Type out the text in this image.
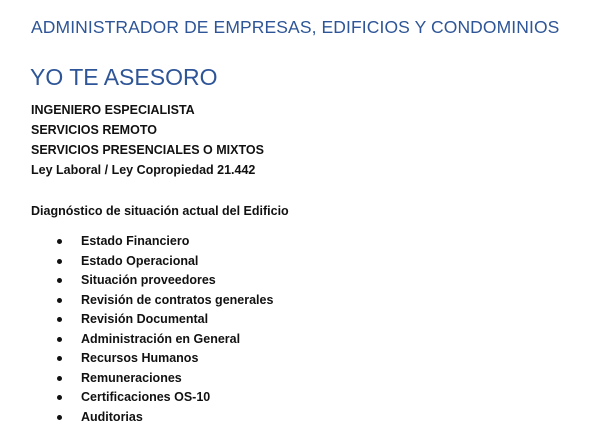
ADMINISTRADOR DE EMPRESAS, EDIFICIOS Y CONDOMINIOS
YO TE ASESORO
INGENIERO ESPECIALISTA
SERVICIOS REMOTO
SERVICIOS PRESENCIALES O MIXTOS
Ley Laboral / Ley Copropiedad 21.442

Diagnóstico de situación actual del Edificio

Estado Financiero
Estado Operacional
Situación proveedores
Revisión de contratos generales
Revisión Documental
Administración en General
Recursos Humanos
Remuneraciones
Certificaciones OS-10
Auditorias
